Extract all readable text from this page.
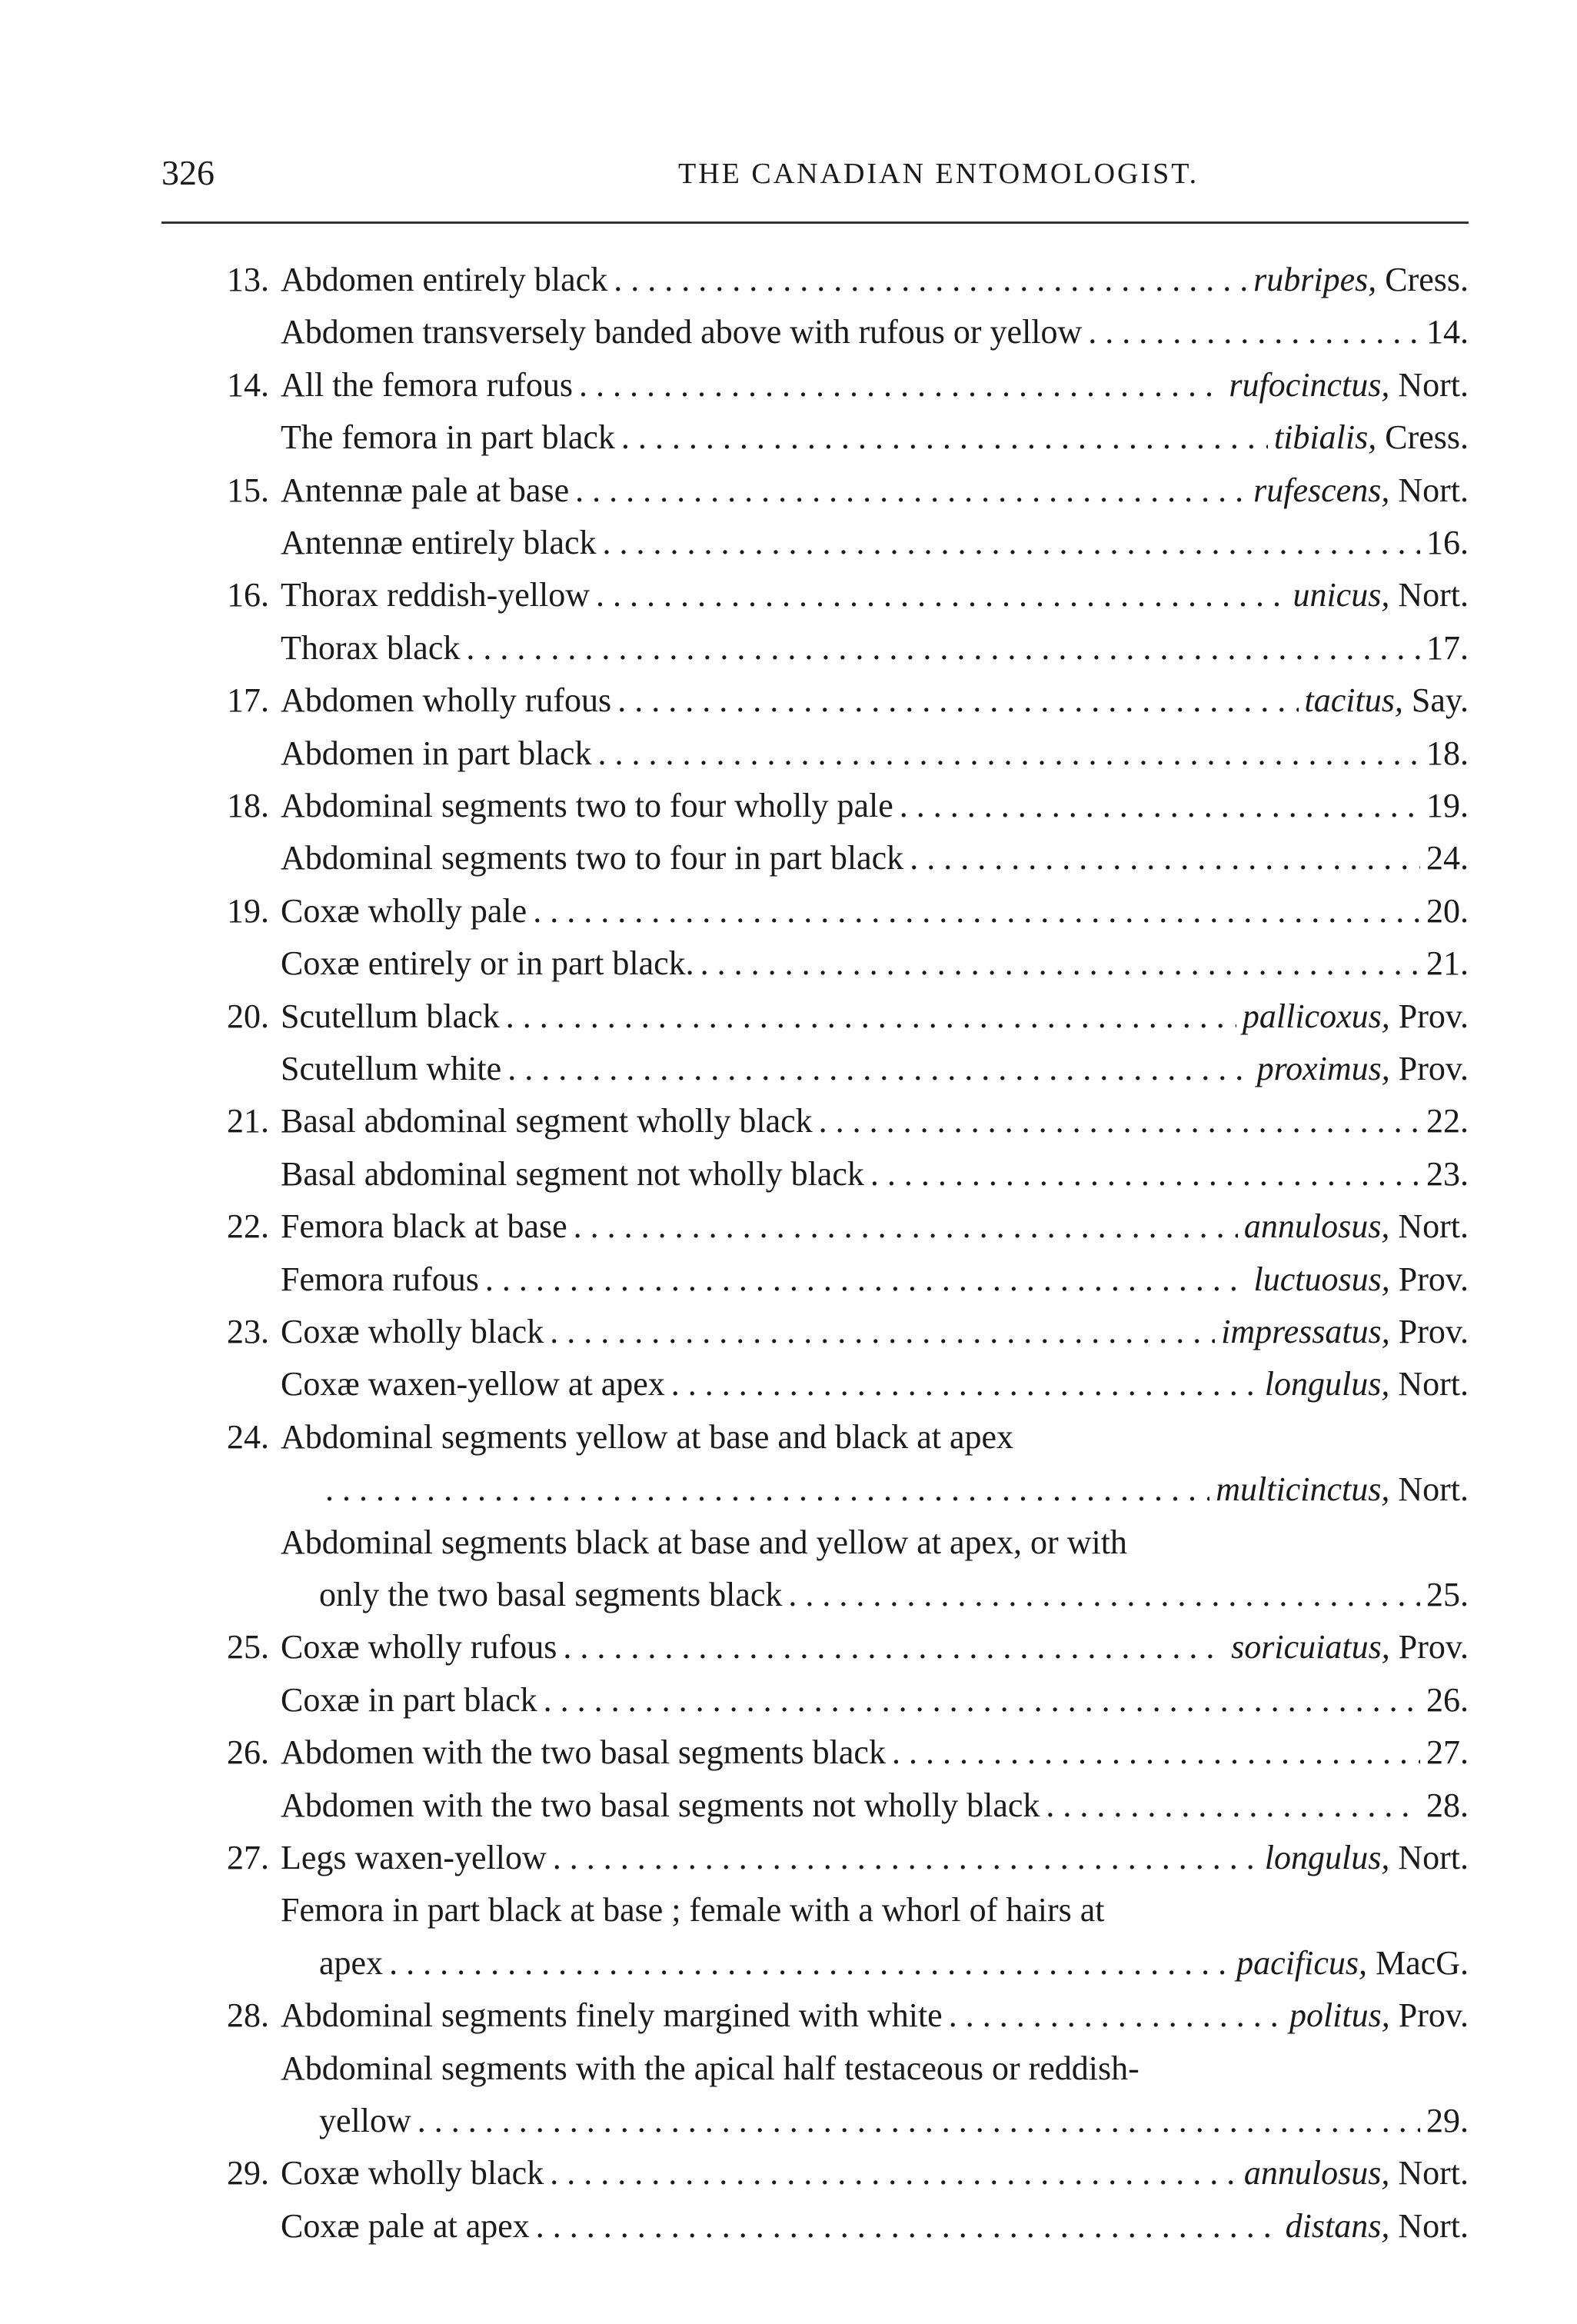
326	THE CANADIAN ENTOMOLOGIST.
13. Abdomen entirely black . . .	rubripes, Cress.
Abdomen transversely banded above with rufous or yellow . . .	14.
14. All the femora rufous . . .	rufocinctus, Nort.
The femora in part black . . .	tibialis, Cress.
15. Antennæ pale at base . . .	rufescens, Nort.
Antennæ entirely black . . .	16.
16. Thorax reddish-yellow . . .	unicus, Nort.
Thorax black . . .	17.
17. Abdomen wholly rufous . . .	tacitus, Say.
Abdomen in part black . . .	18.
18. Abdominal segments two to four wholly pale . . .	19.
Abdominal segments two to four in part black . . .	24.
19. Coxæ wholly pale . . .	20.
Coxæ entirely or in part black. . . .	21.
20. Scutellum black . . .	pallicoxus, Prov.
Scutellum white . . .	proximus, Prov.
21. Basal abdominal segment wholly black . . .	22.
Basal abdominal segment not wholly black . . .	23.
22. Femora black at base . . .	annulosus, Nort.
Femora rufous . . .	luctuosus, Prov.
23. Coxæ wholly black . . .	impressatus, Prov.
Coxæ waxen-yellow at apex . . .	longulus, Nort.
24. Abdominal segments yellow at base and black at apex
. . .
multicinctus, Nort.
Abdominal segments black at base and yellow at apex, or with
only the two basal segments black . . .	25.
25. Coxæ wholly rufous . . .	soricuiatus, Prov.
Coxæ in part black . . .	26.
26. Abdomen with the two basal segments black . . .	27.
Abdomen with the two basal segments not wholly black . . .	28.
27. Legs waxen-yellow . . .	longulus, Nort.
Femora in part black at base ; female with a whorl of hairs at
apex . . .	pacificus, MacG.
28. Abdominal segments finely margined with white . . .	politus, Prov.
Abdominal segments with the apical half testaceous or reddish-
yellow . . .	29.
29. Coxæ wholly black . . .	annulosus, Nort.
Coxæ pale at apex . . .	distans, Nort.
